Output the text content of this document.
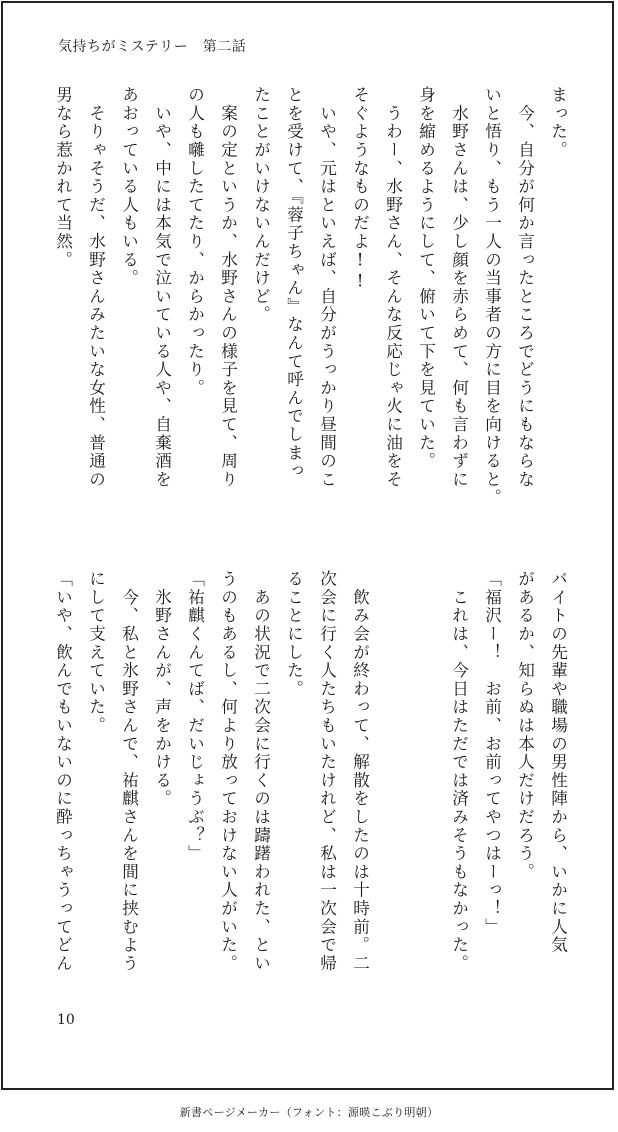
気持ちがミステリー　第二話

まった。

　今、自分が何か言ったところでどうにもならな

いと悟り、もう一人の当事者の方に目を向けると。

　水野さんは、少し顔を赤らめて、何も言わずに

身を縮めるようにして、俯いて下を見ていた。

　うわー、水野さん、そんな反応じゃ火に油をそ

そぐようなものだよ!!

　いや、元はといえば、自分がうっかり昼間のこ

とを受けて、『蓉子ちゃん』なんて呼んでしまっ

たことがいけないんだけど。

　案の定というか、水野さんの様子を見て、周り

の人も囃したてたり、からかったり。

　いや、中には本気で泣いている人や、自棄酒を

あおっている人もいる。

　そりゃそうだ、水野さんみたいな女性、普通の

男なら惹かれて当然。

バイトの先輩や職場の男性陣から、いかに人気

があるか、知らぬは本人だけだろう。

「福沢ー！　お前、お前ってやつはーっ！」

　これは、今日はただでは済みそうもなかった。

　飲み会が終わって、解散をしたのは十時前。二

次会に行く人たちもいたけれど、私は一次会で帰

ることにした。

　あの状況で二次会に行くのは躊躇われた、とい

うのもあるし、何より放っておけない人がいた。

「祐麒くんてば、だいじょうぶ？」

　氷野さんが、声をかける。

　今、私と氷野さんで、祐麒さんを間に挟むよう

にして支えていた。

「いや、飲んでもいないのに酔っちゃうってどん

10
新書ページメーカー（フォント：源暎こぶり明朝）
